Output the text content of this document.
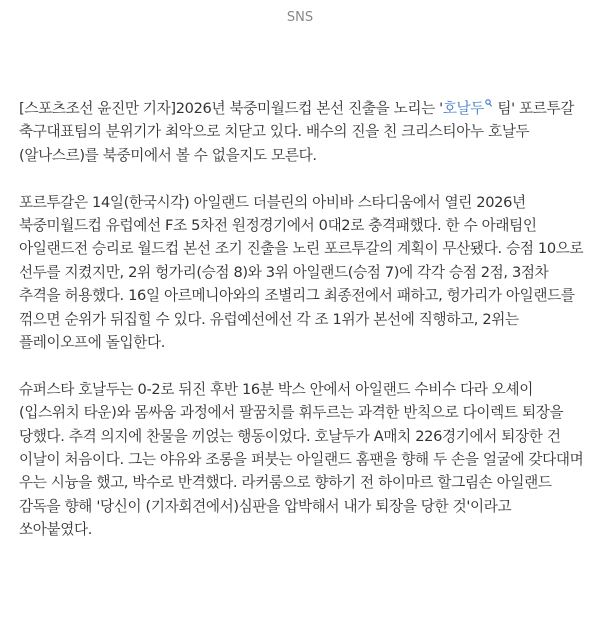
SNS

[스포츠조선 윤진만 기자]2026년 북중미월드컵 본선 진출을 노리는 '호날두
팀' 포르투갈 축구대표팀의 분위기가 최악으로 치닫고 있다. 배수의 진을 친 크리스티아누 호날두(알나스르)를 북중미에서 볼 수 없을지도 모른다.

포르투갈은 14일(한국시각) 아일랜드 더블린의 아비바 스타디움에서 열린 2026년 북중미월드컵 유럽예선 F조 5차전 원정경기에서 0대2로 충격패했다. 한 수 아래팀인 아일랜드전 승리로 월드컵 본선 조기 진출을 노린 포르투갈의 계획이 무산됐다. 승점 10으로 선두를 지켰지만, 2위 헝가리(승점 8)와 3위 아일랜드(승점 7)에 각각 승점 2점, 3점차 추격을 허용했다. 16일 아르메니아와의 조별리그 최종전에서 패하고, 헝가리가 아일랜드를 꺾으면 순위가 뒤집힐 수 있다. 유럽예선에선 각 조 1위가 본선에 직행하고, 2위는 플레이오프에 돌입한다.

슈퍼스타 호날두는 0-2로 뒤진 후반 16분 박스 안에서 아일랜드 수비수 다라 오셰이(입스위치 타운)와 몸싸움 과정에서 팔꿈치를 휘두르는 과격한 반칙으로 다이렉트 퇴장을 당했다. 추격 의지에 찬물을 끼얹는 행동이었다. 호날두가 A매치 226경기에서 퇴장한 건 이날이 처음이다. 그는 야유와 조롱을 퍼붓는 아일랜드 홈팬을 향해 두 손을 얼굴에 갖다대며 우는 시늉을 했고, 박수로 반격했다. 라커룸으로 향하기 전 하이마르 할그림손 아일랜드 감독을 향해 '당신이 (기자회견에서)심판을 압박해서 내가 퇴장을 당한 것'이라고 쏘아붙였다.
